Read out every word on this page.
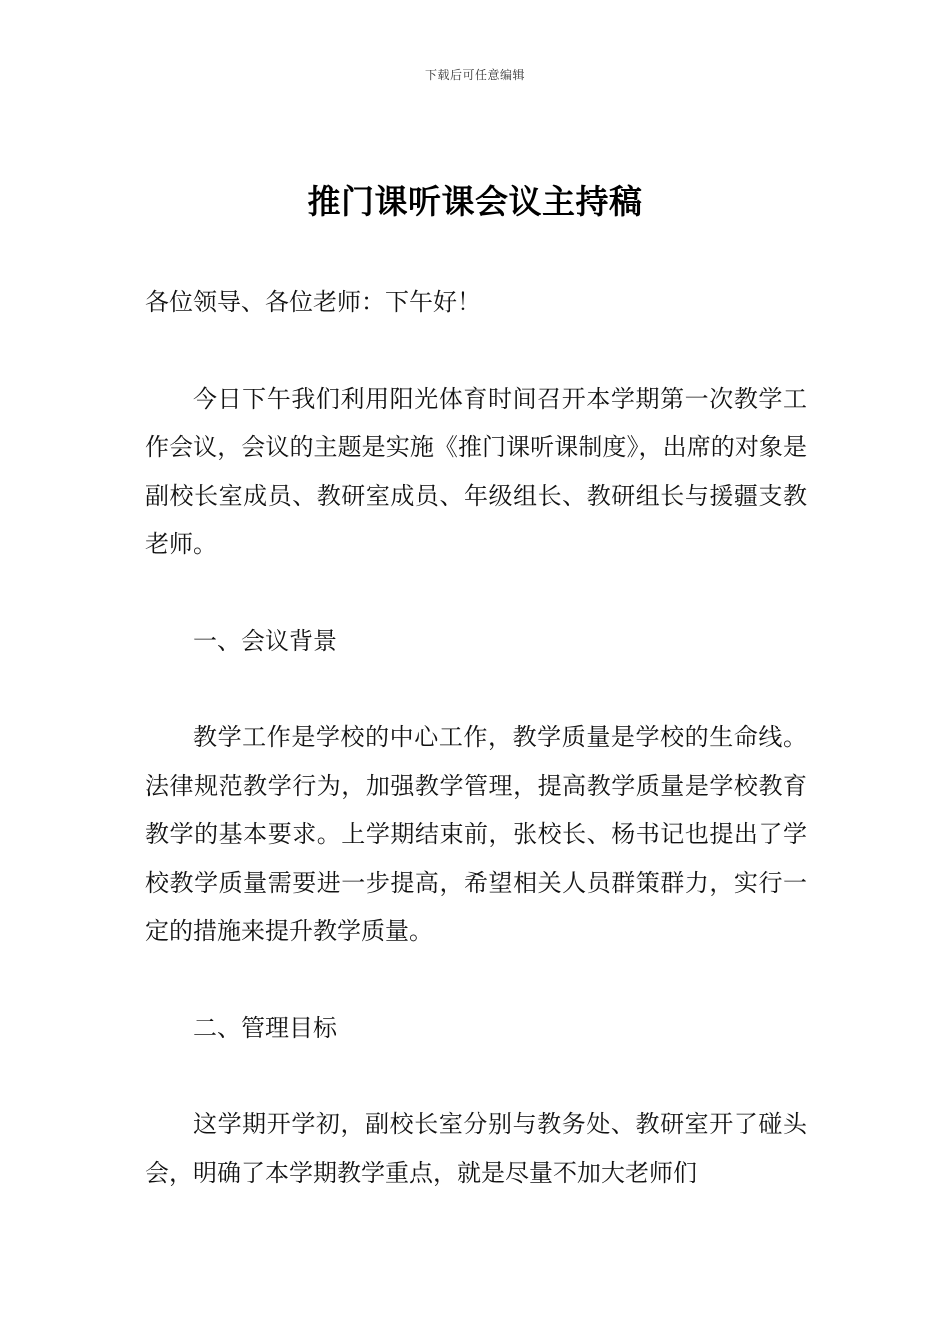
下载后可任意编辑
推门课听课会议主持稿

各位领导、各位老师：下午好！

今日下午我们利用阳光体育时间召开本学期第一次教学工作会议，会议的主题是实施《推门课听课制度》，出席的对象是副校长室成员、教研室成员、年级组长、教研组长与援疆支教老师。

一、会议背景

教学工作是学校的中心工作，教学质量是学校的生命线。法律规范教学行为，加强教学管理，提高教学质量是学校教育教学的基本要求。上学期结束前，张校长、杨书记也提出了学校教学质量需要进一步提高，希望相关人员群策群力，实行一定的措施来提升教学质量。

二、管理目标

这学期开学初，副校长室分别与教务处、教研室开了碰头会，明确了本学期教学重点，就是尽量不加大老师们
